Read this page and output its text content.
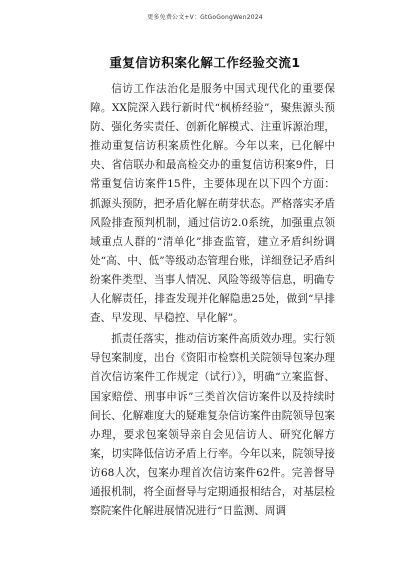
更多免费公文+V：GtGoGongWen2024
重复信访积案化解工作经验交流1

信访工作法治化是服务中国式现代化的重要保障。XX院深入践行新时代“枫桥经验”，聚焦源头预防、强化务实责任、创新化解模式、注重诉源治理，推动重复信访积案质性化解。今年以来，已化解中央、省信联办和最高检交办的重复信访积案9件，日常重复信访案件15件，主要体现在以下四个方面：抓源头预防，把矛盾化解在萌芽状态。严格落实矛盾风险排查预判机制，通过信访2.0系统，加强重点领域重点人群的“清单化”排查监管，建立矛盾纠纷调处“高、中、低”等级动态管理台账，详细登记矛盾纠纷案件类型、当事人情况、风险等级等信息，明确专人化解责任，排查发现并化解隐患25处，做到“早排查、早发现、早稳控、早化解”。

抓责任落实，推动信访案件高质效办理。实行领导包案制度，出台《资阳市检察机关院领导包案办理首次信访案件工作规定（试行）》，明确“立案监督、国家赔偿、刑事申诉”三类首次信访案件以及持续时间长、化解难度大的疑难复杂信访案件由院领导包案办理，要求包案领导亲自会见信访人、研究化解方案，切实降低信访矛盾上行率。今年以来，院领导接访68人次，包案办理首次信访案件62件。完善督导通报机制，将全面督导与定期通报相结合，对基层检察院案件化解进展情况进行“日监测、周调
